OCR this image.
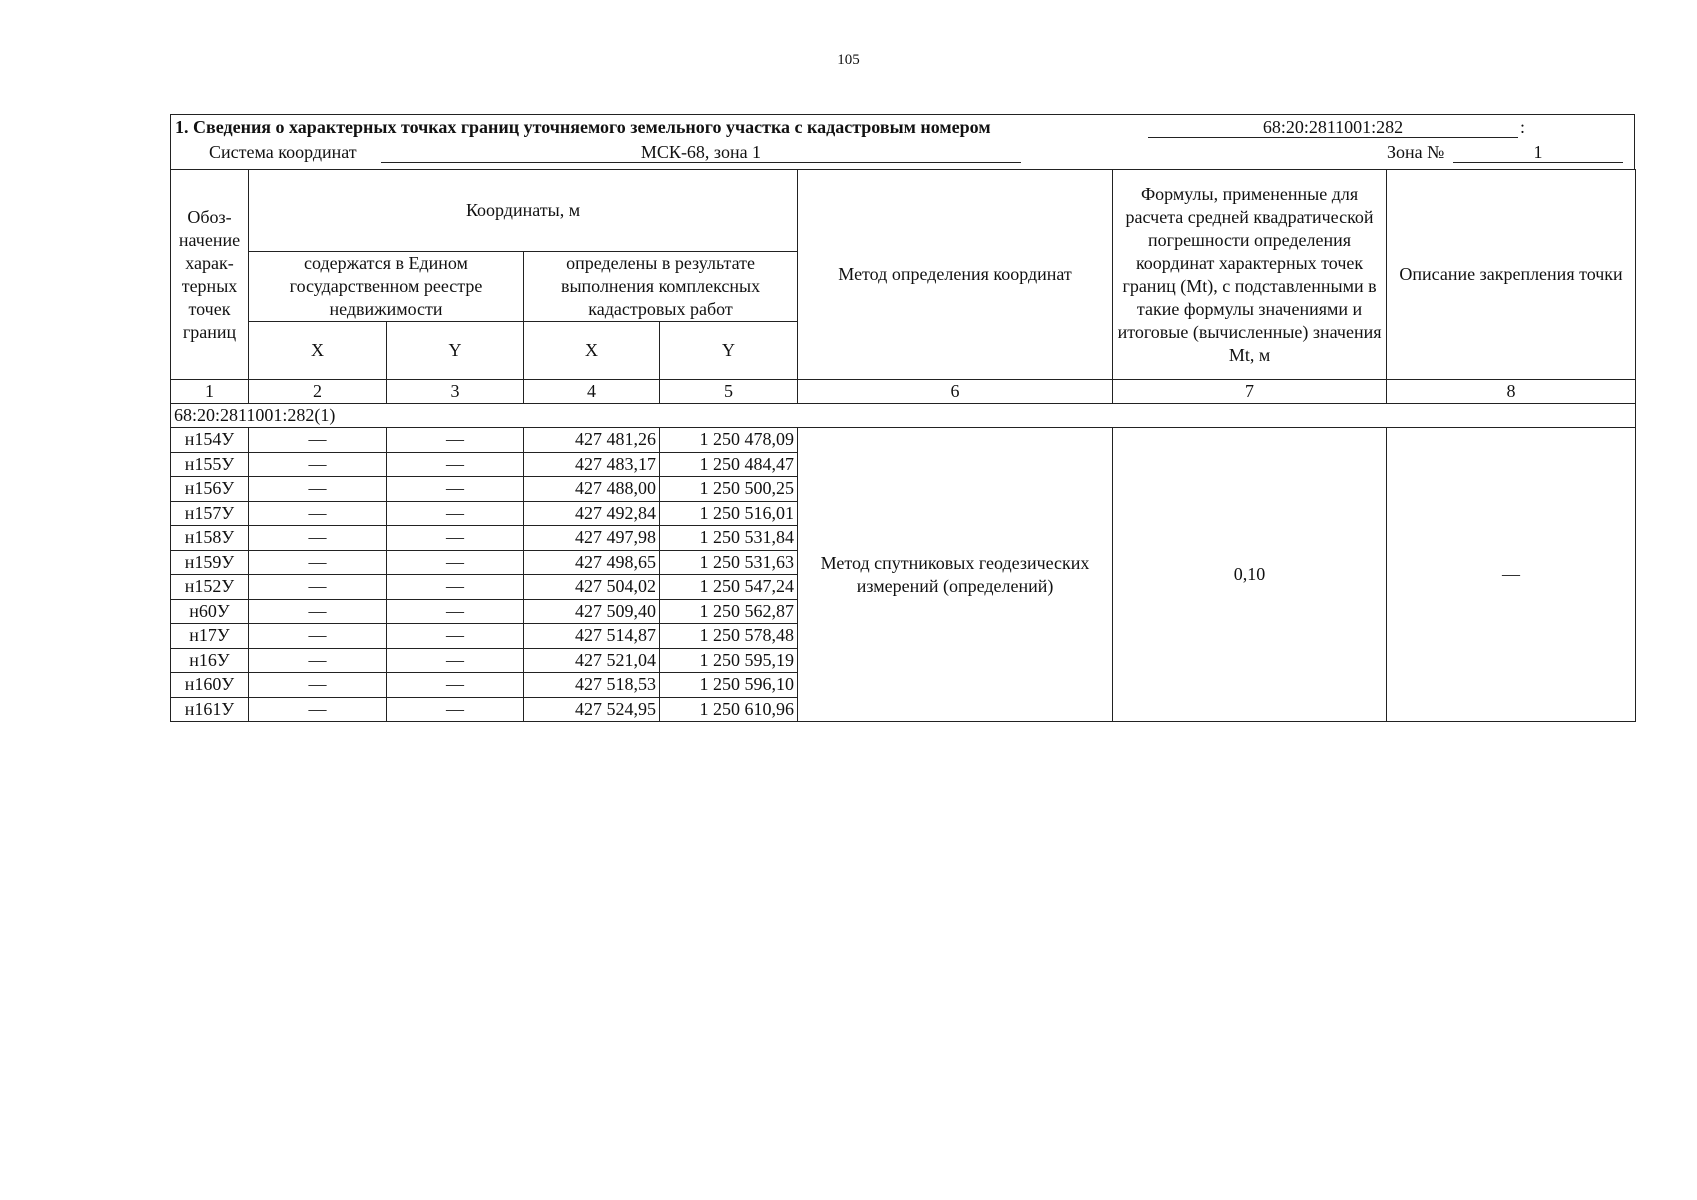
105
1. Сведения о характерных точках границ уточняемого земельного участка с кадастровым номером	68:20:2811001:282	:
Система координат	МСК-68, зона 1	Зона №	1
Обоз-начение харак-терных точек границ	Координаты, м				Метод определения координат	Формулы, примененные для расчета средней квадратической погрешности определения координат характерных точек границ (Mt), с подставленными в такие формулы значениями и итоговые (вычисленные) значения Mt, м	Описание закрепления точки
	содержатся в Едином государственном реестре недвижимости		определены в результате выполнения комплексных кадастровых работ				
	X	Y	X	Y			
1	2	3	4	5	6	7	8
68:20:2811001:282(1)							
н154У	—	—	427 481,26	1 250 478,09	Метод спутниковых геодезических измерений (определений)	0,10	—
н155У	—	—	427 483,17	1 250 484,47			
н156У	—	—	427 488,00	1 250 500,25			
н157У	—	—	427 492,84	1 250 516,01			
н158У	—	—	427 497,98	1 250 531,84			
н159У	—	—	427 498,65	1 250 531,63			
н152У	—	—	427 504,02	1 250 547,24			
н60У	—	—	427 509,40	1 250 562,87			
н17У	—	—	427 514,87	1 250 578,48			
н16У	—	—	427 521,04	1 250 595,19			
н160У	—	—	427 518,53	1 250 596,10			
н161У	—	—	427 524,95	1 250 610,96			
